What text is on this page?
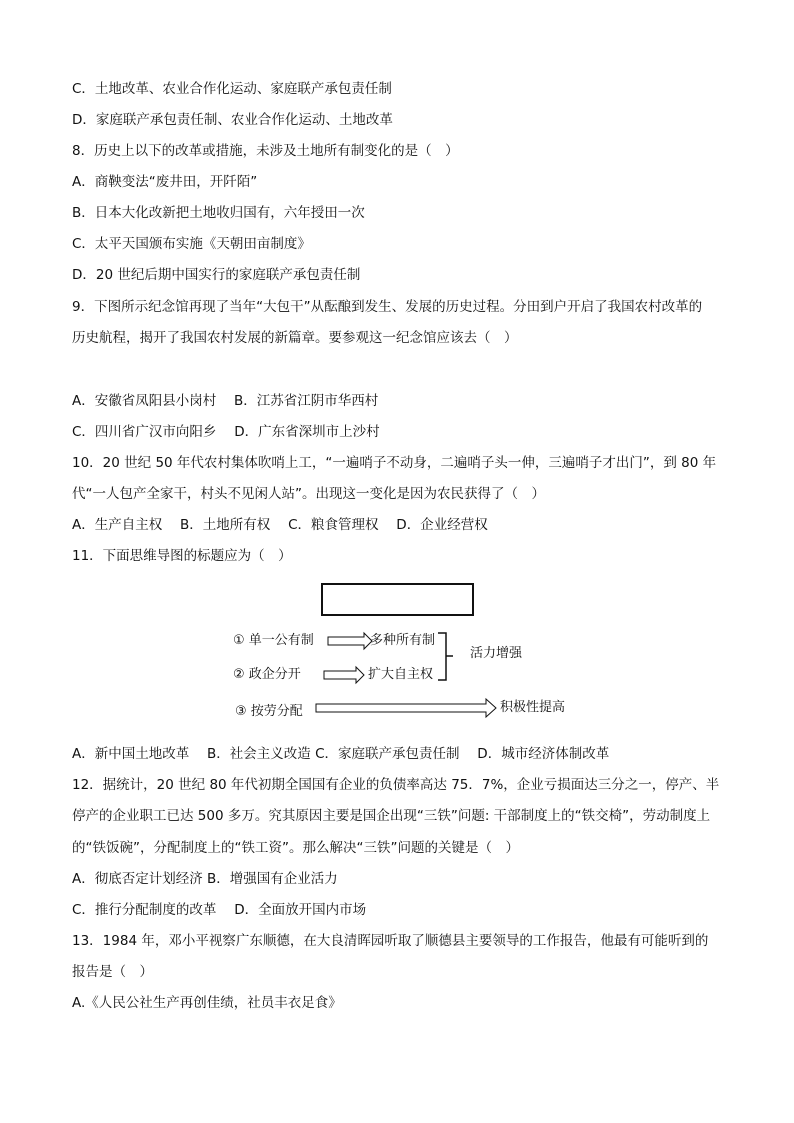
C．土地改革、农业合作化运动、家庭联产承包责任制
D．家庭联产承包责任制、农业合作化运动、土地改革
8．历史上以下的改革或措施，未涉及土地所有制变化的是（　）
A．商鞅变法“废井田，开阡陌”
B．日本大化改新把土地收归国有，六年授田一次
C．太平天国颁布实施《天朝田亩制度》
D．20 世纪后期中国实行的家庭联产承包责任制
9．下图所示纪念馆再现了当年“大包干”从酝酿到发生、发展的历史过程。分田到户开启了我国农村改革的
历史航程，揭开了我国农村发展的新篇章。要参观这一纪念馆应该去（　）
A．安徽省凤阳县小岗村　 B．江苏省江阴市华西村
C．四川省广汉市向阳乡　 D．广东省深圳市上沙村
10．20 世纪 50 年代农村集体吹哨上工，“一遍哨子不动身，二遍哨子头一伸，三遍哨子才出门”，到 80 年
代“一人包产全家干，村头不见闲人站”。出现这一变化是因为农民获得了（　）
A．生产自主权　 B．土地所有权　 C．粮食管理权　 D．企业经营权
11．下面思维导图的标题应为（　）
① 单一公有制	多种所有制
② 政企分开	扩大自主权
活力增强
③ 按劳分配	积极性提高
A．新中国土地改革　 B．社会主义改造 C．家庭联产承包责任制　 D．城市经济体制改革
12．据统计，20 世纪 80 年代初期全国国有企业的负债率高达 75．7%，企业亏损面达三分之一，停产、半
停产的企业职工已达 500 多万。究其原因主要是国企出现“三铁”问题: 干部制度上的“铁交椅”，劳动制度上
的“铁饭碗”，分配制度上的“铁工资”。那么解决“三铁”问题的关键是（　）
A．彻底否定计划经济 B．增强国有企业活力
C．推行分配制度的改革　 D．全面放开国内市场
13．1984 年，邓小平视察广东顺德，在大良清晖园听取了顺德县主要领导的工作报告，他最有可能听到的
报告是（　）
A.《人民公社生产再创佳绩，社员丰衣足食》
